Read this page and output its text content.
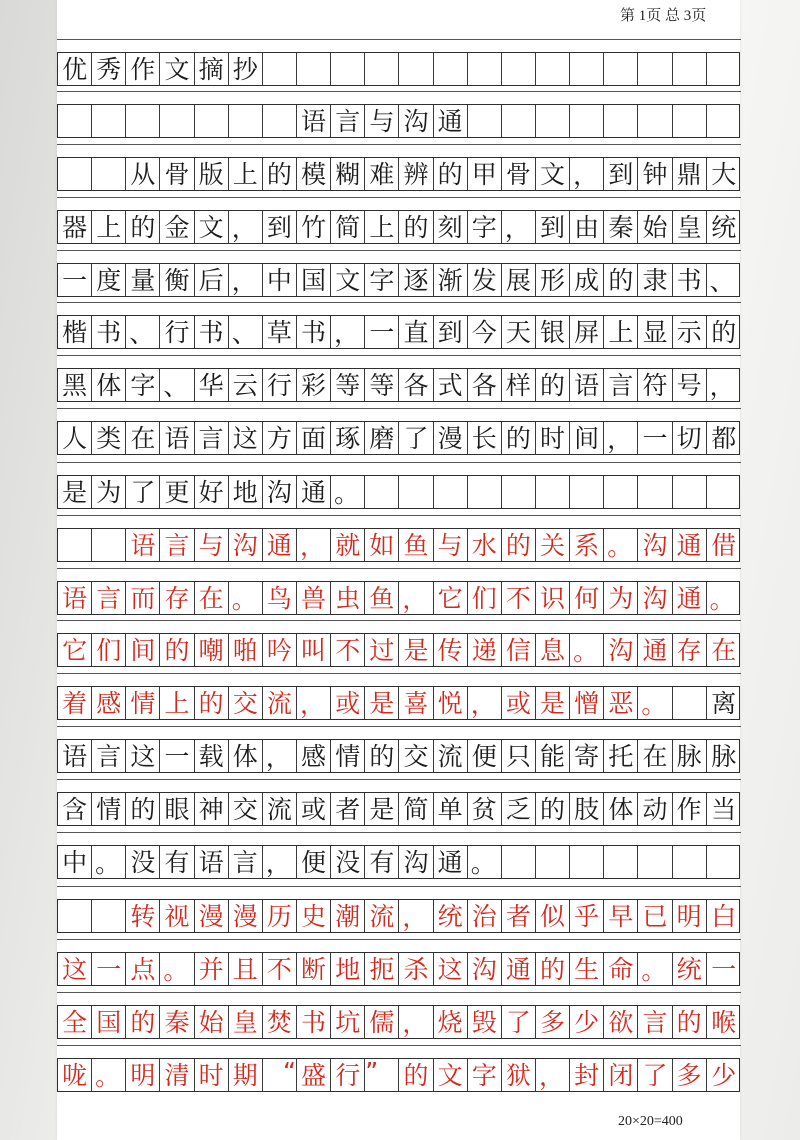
第 1页 总 3页
优 秀 作 文 摘 抄
语 言 与 沟 通
从 骨 版 上 的 模 糊 难 辨 的 甲 骨 文 ， 到 钟 鼎 大
器 上 的 金 文 ， 到 竹 简 上 的 刻 字 ， 到 由 秦 始 皇 统
一 度 量 衡 后 ， 中 国 文 字 逐 渐 发 展 形 成 的 隶 书 、
楷 书 、 行 书 、 草 书 ， 一 直 到 今 天 银 屏 上 显 示 的
黑 体 字 、 华 云 行 彩 等 等 各 式 各 样 的 语 言 符 号 ，
人 类 在 语 言 这 方 面 琢 磨 了 漫 长 的 时 间 ， 一 切 都
是 为 了 更 好 地 沟 通 。
语 言 与 沟 通 ， 就 如 鱼 与 水 的 关 系 。 沟 通 借
语 言 而 存 在 。 鸟 兽 虫 鱼 ， 它 们 不 识 何 为 沟 通 。
它 们 间 的 嘲 啪 吟 叫 不 过 是 传 递 信 息 。 沟 通 存 在
着 感 情 上 的 交 流 ， 或 是 喜 悦 ， 或 是 憎 恶 。 离
语 言 这 一 载 体 ， 感 情 的 交 流 便 只 能 寄 托 在 脉 脉
含 情 的 眼 神 交 流 或 者 是 简 单 贫 乏 的 肢 体 动 作 当
中 。 没 有 语 言 ， 便 没 有 沟 通 。
转 视 漫 漫 历 史 潮 流 ， 统 治 者 似 乎 早 已 明 白
这 一 点 。 并 且 不 断 地 扼 杀 这 沟 通 的 生 命 。 统 一
全 国 的 秦 始 皇 焚 书 坑 儒 ， 烧 毁 了 多 少 欲 言 的 喉
咙 。 明 清 时 期	“ 盛 行 ”	的 文 字 狱 ， 封 闭 了 多 少
20×20=400
